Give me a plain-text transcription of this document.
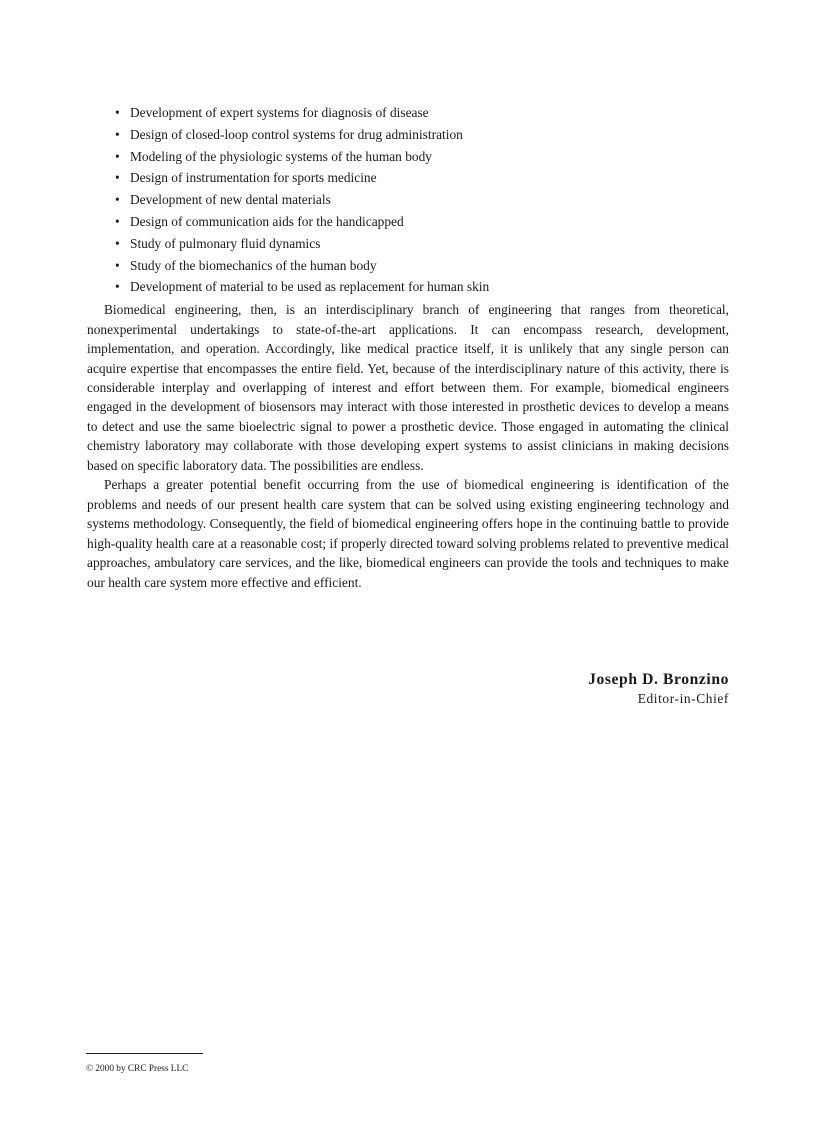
• Development of expert systems for diagnosis of disease
• Design of closed-loop control systems for drug administration
• Modeling of the physiologic systems of the human body
• Design of instrumentation for sports medicine
• Development of new dental materials
• Design of communication aids for the handicapped
• Study of pulmonary fluid dynamics
• Study of the biomechanics of the human body
• Development of material to be used as replacement for human skin

Biomedical engineering, then, is an interdisciplinary branch of engineering that ranges from theoretical, nonexperimental undertakings to state-of-the-art applications. It can encompass research, development, implementation, and operation. Accordingly, like medical practice itself, it is unlikely that any single person can acquire expertise that encompasses the entire field. Yet, because of the interdisciplinary nature of this activity, there is considerable interplay and overlapping of interest and effort between them. For example, biomedical engineers engaged in the development of biosensors may interact with those interested in prosthetic devices to develop a means to detect and use the same bioelectric signal to power a prosthetic device. Those engaged in automating the clinical chemistry laboratory may collaborate with those developing expert systems to assist clinicians in making decisions based on specific laboratory data. The possibilities are endless.

Perhaps a greater potential benefit occurring from the use of biomedical engineering is identification of the problems and needs of our present health care system that can be solved using existing engineering technology and systems methodology. Consequently, the field of biomedical engineering offers hope in the continuing battle to provide high-quality health care at a reasonable cost; if properly directed toward solving problems related to preventive medical approaches, ambulatory care services, and the like, biomedical engineers can provide the tools and techniques to make our health care system more effective and efficient.

Joseph D. Bronzino
Editor-in-Chief
© 2000 by CRC Press LLC
